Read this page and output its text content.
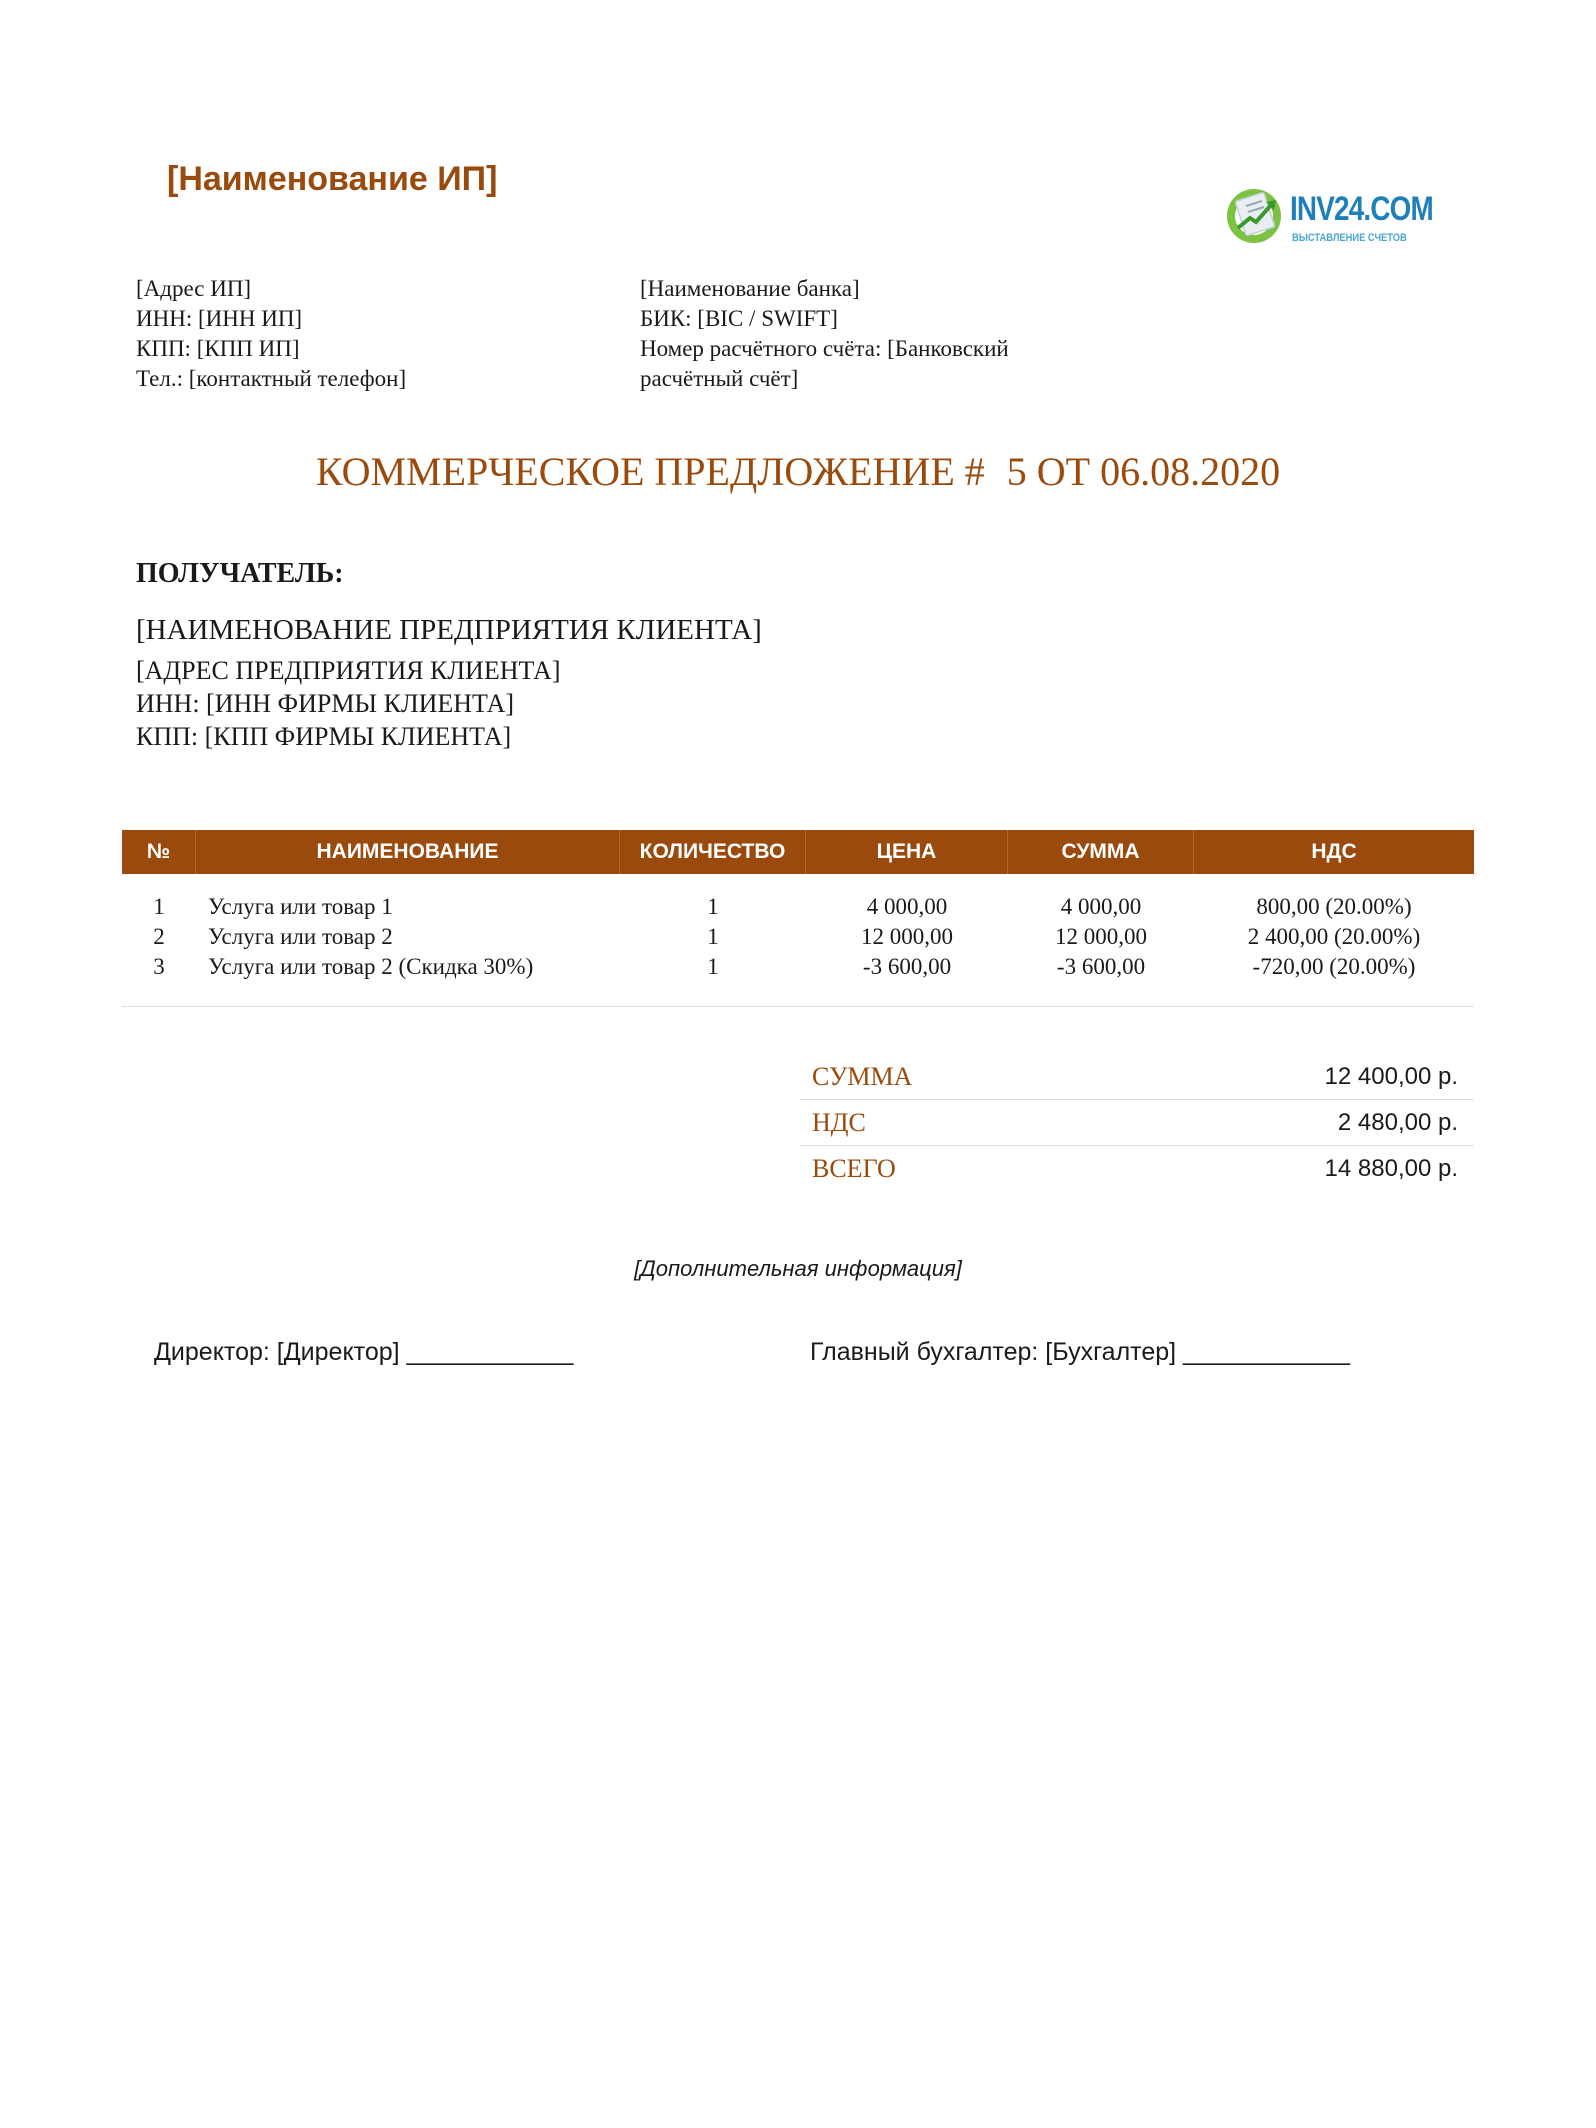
[Наименование ИП]
INV24.COM
ВЫСТАВЛЕНИЕ СЧЕТОВ
[Адрес ИП]
ИНН: [ИНН ИП]
КПП: [КПП ИП]
Тел.: [контактный телефон]
[Наименование банка]
БИК: [BIC / SWIFT]
Номер расчётного счёта: [Банковский
расчётный счёт]
КОММЕРЧЕСКОЕ ПРЕДЛОЖЕНИЕ # 5 ОТ 06.08.2020
ПОЛУЧАТЕЛЬ:
[НАИМЕНОВАНИЕ ПРЕДПРИЯТИЯ КЛИЕНТА]
[АДРЕС ПРЕДПРИЯТИЯ КЛИЕНТА]
ИНН: [ИНН ФИРМЫ КЛИЕНТА]
КПП: [КПП ФИРМЫ КЛИЕНТА]
№	НАИМЕНОВАНИЕ	КОЛИЧЕСТВО	ЦЕНА	СУММА	НДС
1	Услуга или товар 1	1	4 000,00	4 000,00	800,00 (20.00%)
2	Услуга или товар 2	1	12 000,00	12 000,00	2 400,00 (20.00%)
3	Услуга или товар 2 (Скидка 30%)	1	-3 600,00	-3 600,00	-720,00 (20.00%)
СУММА	12 400,00 р.
НДС	2 480,00 р.
ВСЕГО	14 880,00 р.
[Дополнительная информация]
Директор: [Директор] ____________	Главный бухгалтер: [Бухгалтер] ____________
